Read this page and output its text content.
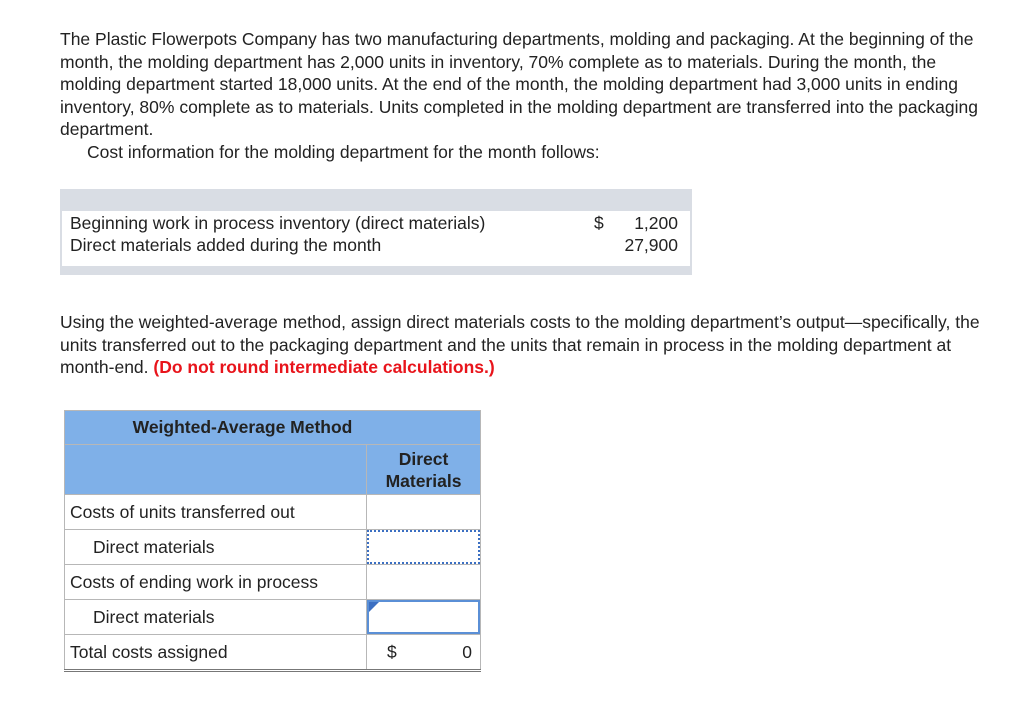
The Plastic Flowerpots Company has two manufacturing departments, molding and packaging. At the beginning of the month, the molding department has 2,000 units in inventory, 70% complete as to materials. During the month, the molding department started 18,000 units. At the end of the month, the molding department had 3,000 units in ending inventory, 80% complete as to materials. Units completed in the molding department are transferred into the packaging department.

Cost information for the molding department for the month follows:

Beginning work in process inventory (direct materials)	$ 1,200
Direct materials added during the month	27,900

Using the weighted-average method, assign direct materials costs to the molding department’s output—specifically, the units transferred out to the packaging department and the units that remain in process in the molding department at month-end. (Do not round intermediate calculations.)

Weighted-Average Method	

	Direct
Materials

Costs of units transferred out	
Direct materials	

Costs of ending work in process	
Direct materials	

Total costs assigned	$ 0
